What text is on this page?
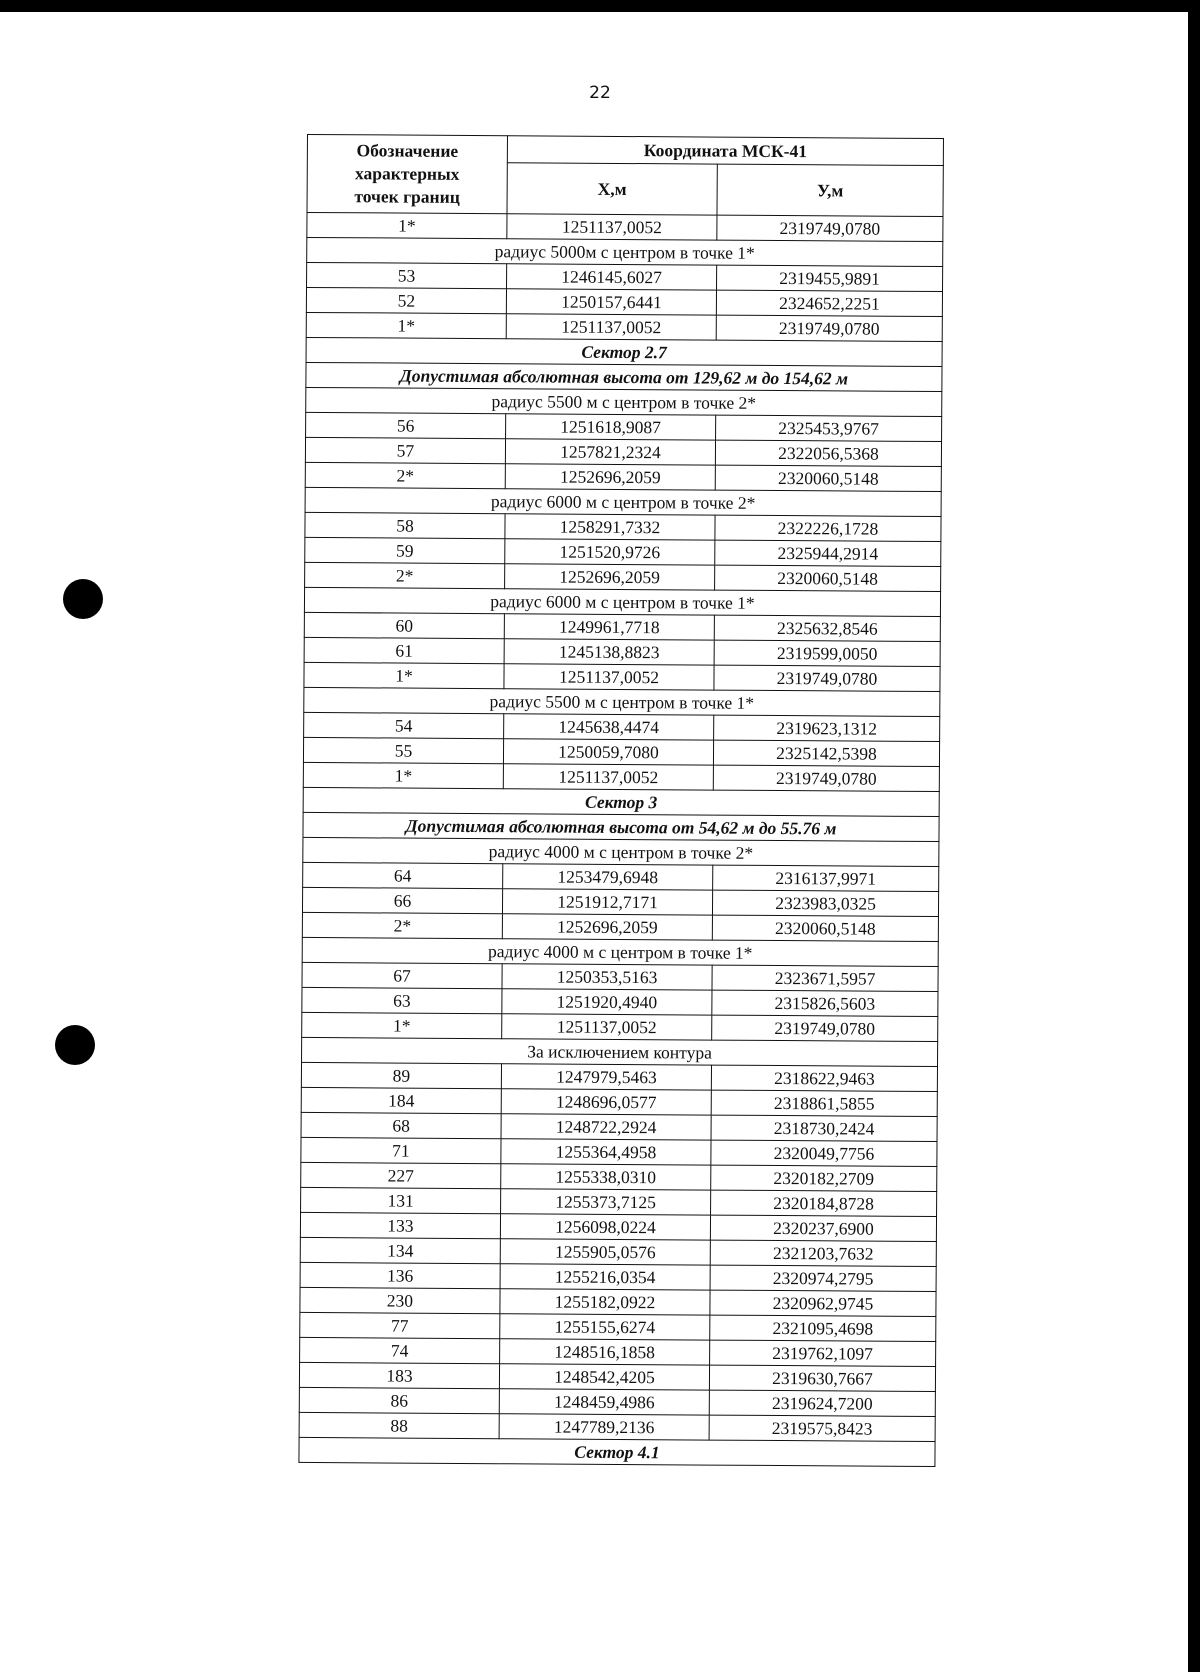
22
Обозначение
характерных
точек границ	Координата МСК-41	
	Х,м	У,м
1*	1251137,0052	2319749,0780
радиус 5000м с центром в точке 1*		
53	1246145,6027	2319455,9891
52	1250157,6441	2324652,2251
1*	1251137,0052	2319749,0780
Сектор 2.7		
Допустимая абсолютная высота от 129,62 м до 154,62 м		
радиус 5500 м с центром в точке 2*		
56	1251618,9087	2325453,9767
57	1257821,2324	2322056,5368
2*	1252696,2059	2320060,5148
радиус 6000 м с центром в точке 2*		
58	1258291,7332	2322226,1728
59	1251520,9726	2325944,2914
2*	1252696,2059	2320060,5148
радиус 6000 м с центром в точке 1*		
60	1249961,7718	2325632,8546
61	1245138,8823	2319599,0050
1*	1251137,0052	2319749,0780
радиус 5500 м с центром в точке 1*		
54	1245638,4474	2319623,1312
55	1250059,7080	2325142,5398
1*	1251137,0052	2319749,0780
Сектор 3		
Допустимая абсолютная высота от 54,62 м до 55.76 м		
радиус 4000 м с центром в точке 2*		
64	1253479,6948	2316137,9971
66	1251912,7171	2323983,0325
2*	1252696,2059	2320060,5148
радиус 4000 м с центром в точке 1*		
67	1250353,5163	2323671,5957
63	1251920,4940	2315826,5603
1*	1251137,0052	2319749,0780
За исключением контура		
89	1247979,5463	2318622,9463
184	1248696,0577	2318861,5855
68	1248722,2924	2318730,2424
71	1255364,4958	2320049,7756
227	1255338,0310	2320182,2709
131	1255373,7125	2320184,8728
133	1256098,0224	2320237,6900
134	1255905,0576	2321203,7632
136	1255216,0354	2320974,2795
230	1255182,0922	2320962,9745
77	1255155,6274	2321095,4698
74	1248516,1858	2319762,1097
183	1248542,4205	2319630,7667
86	1248459,4986	2319624,7200
88	1247789,2136	2319575,8423
Сектор 4.1		
